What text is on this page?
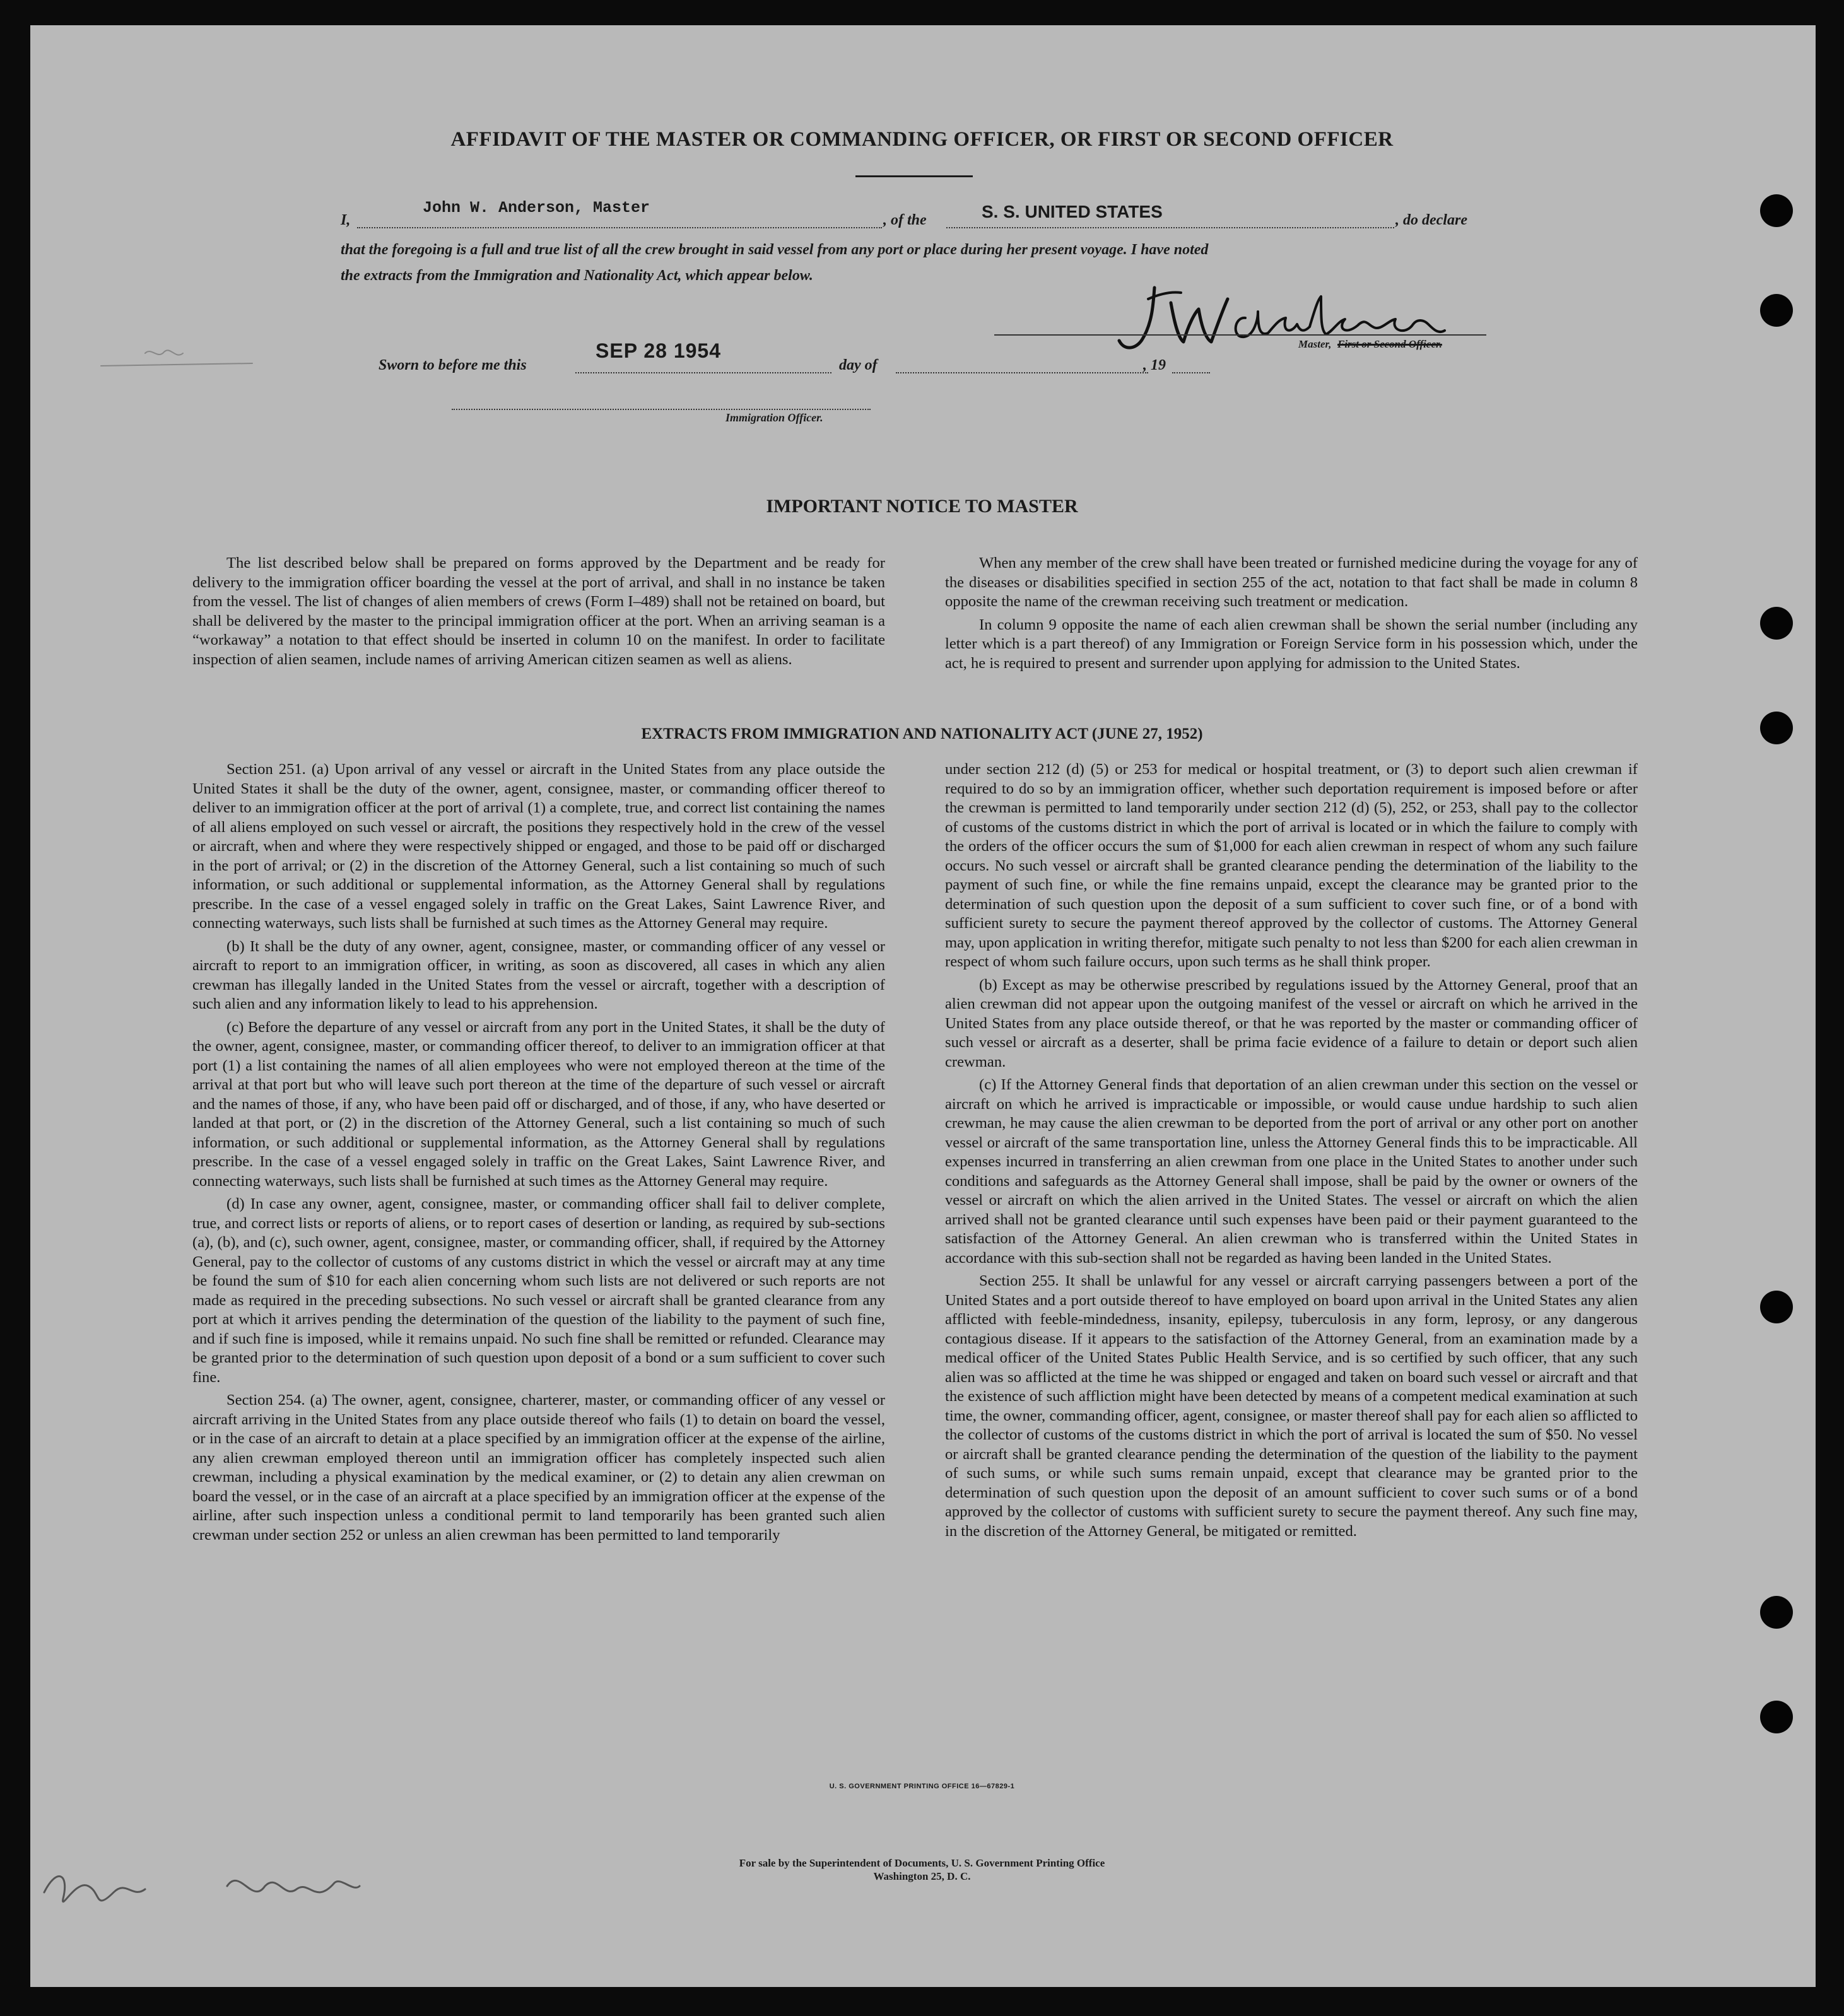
AFFIDAVIT OF THE MASTER OR COMMANDING OFFICER, OR FIRST OR SECOND OFFICER
I,
John W. Anderson, Master
, of the	S. S. UNITED STATES	, do declare
that the foregoing is a full and true list of all the crew brought in said vessel from any port or place during her present voyage. I have noted
the extracts from the Immigration and Nationality Act, which appear below.
Master, First or Second Officer.
Sworn to before me this
SEP 28 1954
day of	, 19
Immigration Officer.
IMPORTANT NOTICE TO MASTER

The list described below shall be prepared on forms approved by the Department and be ready for delivery to the immigration officer boarding the vessel at the port of arrival, and shall in no instance be taken from the vessel. The list of changes of alien members of crews (Form I–489) shall not be retained on board, but shall be delivered by the master to the principal immigration officer at the port. When an arriving seaman is a “workaway” a notation to that effect should be inserted in column 10 on the manifest. In order to facilitate inspection of alien seamen, include names of arriving American citizen seamen as well as aliens.

When any member of the crew shall have been treated or furnished medicine during the voyage for any of the diseases or disabilities specified in section 255 of the act, notation to that fact shall be made in column 8 opposite the name of the crewman receiving such treatment or medication.

In column 9 opposite the name of each alien crewman shall be shown the serial number (including any letter which is a part thereof) of any Immigration or Foreign Service form in his possession which, under the act, he is required to present and surrender upon applying for admission to the United States.

EXTRACTS FROM IMMIGRATION AND NATIONALITY ACT (JUNE 27, 1952)

Section 251. (a) Upon arrival of any vessel or aircraft in the United States from any place outside the United States it shall be the duty of the owner, agent, consignee, master, or commanding officer thereof to deliver to an immigration officer at the port of arrival (1) a complete, true, and correct list containing the names of all aliens employed on such vessel or aircraft, the positions they respectively hold in the crew of the vessel or aircraft, when and where they were respectively shipped or engaged, and those to be paid off or discharged in the port of arrival; or (2) in the discretion of the Attorney General, such a list containing so much of such information, or such additional or supplemental information, as the Attorney General shall by regulations prescribe. In the case of a vessel engaged solely in traffic on the Great Lakes, Saint Lawrence River, and connecting waterways, such lists shall be furnished at such times as the Attorney General may require.

(b) It shall be the duty of any owner, agent, consignee, master, or commanding officer of any vessel or aircraft to report to an immigration officer, in writing, as soon as discovered, all cases in which any alien crewman has illegally landed in the United States from the vessel or aircraft, together with a description of such alien and any information likely to lead to his apprehension.

(c) Before the departure of any vessel or aircraft from any port in the United States, it shall be the duty of the owner, agent, consignee, master, or commanding officer thereof, to deliver to an immigration officer at that port (1) a list containing the names of all alien employees who were not employed thereon at the time of the arrival at that port but who will leave such port thereon at the time of the departure of such vessel or aircraft and the names of those, if any, who have been paid off or discharged, and of those, if any, who have deserted or landed at that port, or (2) in the discretion of the Attorney General, such a list containing so much of such information, or such additional or supplemental information, as the Attorney General shall by regulations prescribe. In the case of a vessel engaged solely in traffic on the Great Lakes, Saint Lawrence River, and connecting waterways, such lists shall be furnished at such times as the Attorney General may require.

(d) In case any owner, agent, consignee, master, or commanding officer shall fail to deliver complete, true, and correct lists or reports of aliens, or to report cases of desertion or landing, as required by sub-sections (a), (b), and (c), such owner, agent, consignee, master, or commanding officer, shall, if required by the Attorney General, pay to the collector of customs of any customs district in which the vessel or aircraft may at any time be found the sum of $10 for each alien concerning whom such lists are not delivered or such reports are not made as required in the preceding subsections. No such vessel or aircraft shall be granted clearance from any port at which it arrives pending the determination of the question of the liability to the payment of such fine, and if such fine is imposed, while it remains unpaid. No such fine shall be remitted or refunded. Clearance may be granted prior to the determination of such question upon deposit of a bond or a sum sufficient to cover such fine.

Section 254. (a) The owner, agent, consignee, charterer, master, or commanding officer of any vessel or aircraft arriving in the United States from any place outside thereof who fails (1) to detain on board the vessel, or in the case of an aircraft to detain at a place specified by an immigration officer at the expense of the airline, any alien crewman employed thereon until an immigration officer has completely inspected such alien crewman, including a physical examination by the medical examiner, or (2) to detain any alien crewman on board the vessel, or in the case of an aircraft at a place specified by an immigration officer at the expense of the airline, after such inspection unless a conditional permit to land temporarily has been granted such alien crewman under section 252 or unless an alien crewman has been permitted to land temporarily

under section 212 (d) (5) or 253 for medical or hospital treatment, or (3) to deport such alien crewman if required to do so by an immigration officer, whether such deportation requirement is imposed before or after the crewman is permitted to land temporarily under section 212 (d) (5), 252, or 253, shall pay to the collector of customs of the customs district in which the port of arrival is located or in which the failure to comply with the orders of the officer occurs the sum of $1,000 for each alien crewman in respect of whom any such failure occurs. No such vessel or aircraft shall be granted clearance pending the determination of the liability to the payment of such fine, or while the fine remains unpaid, except the clearance may be granted prior to the determination of such question upon the deposit of a sum sufficient to cover such fine, or of a bond with sufficient surety to secure the payment thereof approved by the collector of customs. The Attorney General may, upon application in writing therefor, mitigate such penalty to not less than $200 for each alien crewman in respect of whom such failure occurs, upon such terms as he shall think proper.

(b) Except as may be otherwise prescribed by regulations issued by the Attorney General, proof that an alien crewman did not appear upon the outgoing manifest of the vessel or aircraft on which he arrived in the United States from any place outside thereof, or that he was reported by the master or commanding officer of such vessel or aircraft as a deserter, shall be prima facie evidence of a failure to detain or deport such alien crewman.

(c) If the Attorney General finds that deportation of an alien crewman under this section on the vessel or aircraft on which he arrived is impracticable or impossible, or would cause undue hardship to such alien crewman, he may cause the alien crewman to be deported from the port of arrival or any other port on another vessel or aircraft of the same transportation line, unless the Attorney General finds this to be impracticable. All expenses incurred in transferring an alien crewman from one place in the United States to another under such conditions and safeguards as the Attorney General shall impose, shall be paid by the owner or owners of the vessel or aircraft on which the alien arrived in the United States. The vessel or aircraft on which the alien arrived shall not be granted clearance until such expenses have been paid or their payment guaranteed to the satisfaction of the Attorney General. An alien crewman who is transferred within the United States in accordance with this sub-section shall not be regarded as having been landed in the United States.

Section 255. It shall be unlawful for any vessel or aircraft carrying passengers between a port of the United States and a port outside thereof to have employed on board upon arrival in the United States any alien afflicted with feeble-mindedness, insanity, epilepsy, tuberculosis in any form, leprosy, or any dangerous contagious disease. If it appears to the satisfaction of the Attorney General, from an examination made by a medical officer of the United States Public Health Service, and is so certified by such officer, that any such alien was so afflicted at the time he was shipped or engaged and taken on board such vessel or aircraft and that the existence of such affliction might have been detected by means of a competent medical examination at such time, the owner, commanding officer, agent, consignee, or master thereof shall pay for each alien so afflicted to the collector of customs of the customs district in which the port of arrival is located the sum of $50. No vessel or aircraft shall be granted clearance pending the determination of the question of the liability to the payment of such sums, or while such sums remain unpaid, except that clearance may be granted prior to the determination of such question upon the deposit of an amount sufficient to cover such sums or of a bond approved by the collector of customs with sufficient surety to secure the payment thereof. Any such fine may, in the discretion of the Attorney General, be mitigated or remitted.

U. S. GOVERNMENT PRINTING OFFICE 16—67829-1
For sale by the Superintendent of Documents, U. S. Government Printing Office
Washington 25, D. C.
